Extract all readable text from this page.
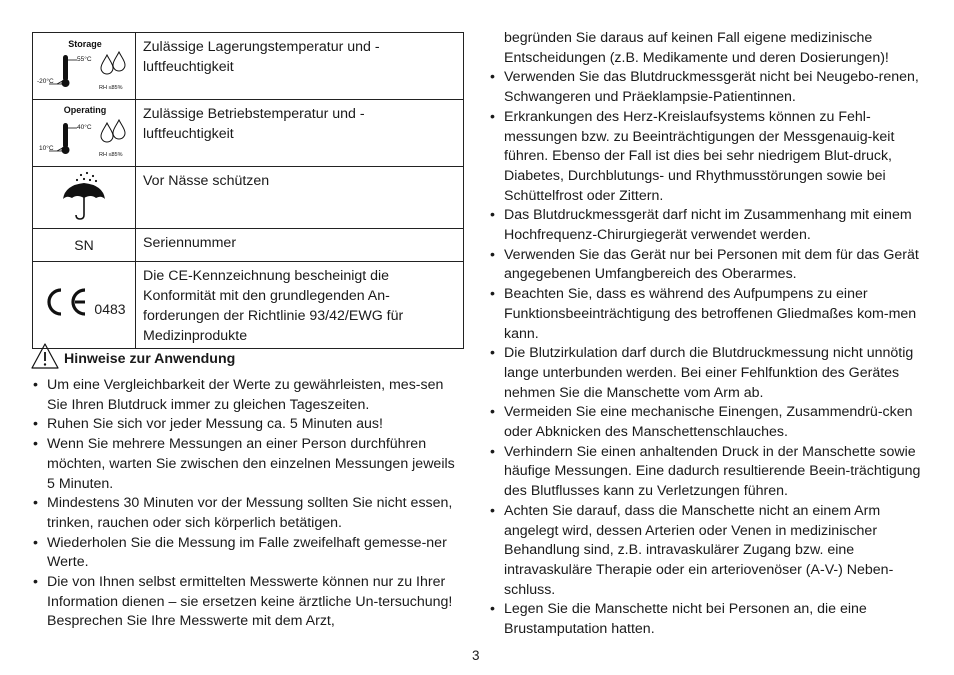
Storage
55°C
-20°C
RH ≤85%	Zulässige Lagerungstemperatur und -luftfeuchtigkeit

Operating
40°C
10°C
RH ≤85%	Zulässige Betriebstemperatur und -luftfeuchtigkeit
	Vor Nässe schützen
SN	Seriennummer

0483	Die CE-Kennzeichnung bescheinigt die Konformität mit den grundlegenden An-forderungen der Richtlinie 93/42/EWG für Medizinprodukte
Hinweise zur Anwendung
• Um eine Vergleichbarkeit der Werte zu gewährleisten, mes-sen Sie Ihren Blutdruck immer zu gleichen Tageszeiten.
• Ruhen Sie sich vor jeder Messung ca. 5 Minuten aus!
• Wenn Sie mehrere Messungen an einer Person durchführen möchten, warten Sie zwischen den einzelnen Messungen jeweils 5 Minuten.
• Mindestens 30 Minuten vor der Messung sollten Sie nicht essen, trinken, rauchen oder sich körperlich betätigen.
• Wiederholen Sie die Messung im Falle zweifelhaft gemesse-ner Werte.
• Die von Ihnen selbst ermittelten Messwerte können nur zu Ihrer Information dienen – sie ersetzen keine ärztliche Un-tersuchung! Besprechen Sie Ihre Messwerte mit dem Arzt,
begründen Sie daraus auf keinen Fall eigene medizinische Entscheidungen (z.B. Medikamente und deren Dosierungen)!
• Verwenden Sie das Blutdruckmessgerät nicht bei Neugebo-renen, Schwangeren und Präeklampsie-Patientinnen.
• Erkrankungen des Herz-Kreislaufsystems können zu Fehl-messungen bzw. zu Beeinträchtigungen der Messgenauig-keit führen. Ebenso der Fall ist dies bei sehr niedrigem Blut-druck, Diabetes, Durchblutungs- und Rhythmusstörungen sowie bei Schüttelfrost oder Zittern.
• Das Blutdruckmessgerät darf nicht im Zusammenhang mit einem Hochfrequenz-Chirurgiegerät verwendet werden.
• Verwenden Sie das Gerät nur bei Personen mit dem für das Gerät angegebenen Umfangbereich des Oberarmes.
• Beachten Sie, dass es während des Aufpumpens zu einer Funktionsbeeinträchtigung des betroffenen Gliedmaßes kom-men kann.
• Die Blutzirkulation darf durch die Blutdruckmessung nicht unnötig lange unterbunden werden. Bei einer Fehlfunktion des Gerätes nehmen Sie die Manschette vom Arm ab.
• Vermeiden Sie eine mechanische Einengen, Zusammendrü-cken oder Abknicken des Manschettenschlauches.
• Verhindern Sie einen anhaltenden Druck in der Manschette sowie häufige Messungen. Eine dadurch resultierende Beein-trächtigung des Blutflusses kann zu Verletzungen führen.
• Achten Sie darauf, dass die Manschette nicht an einem Arm angelegt wird, dessen Arterien oder Venen in medizinischer Behandlung sind, z.B. intravaskulärer Zugang bzw. eine intravaskuläre Therapie oder ein arteriovenöser (A-V-) Neben-schluss.
• Legen Sie die Manschette nicht bei Personen an, die eine Brustamputation hatten.
3
